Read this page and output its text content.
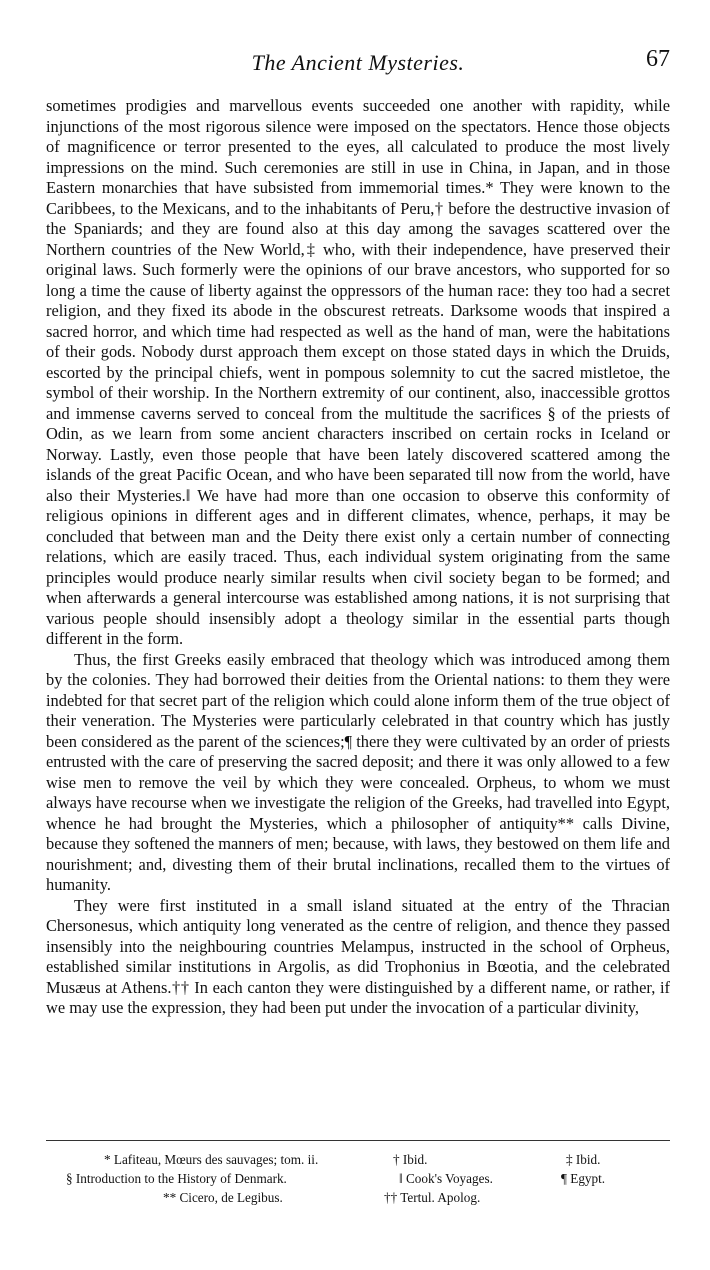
The Ancient Mysteries.	67

sometimes prodigies and marvellous events succeeded one another with rapidity, while injunctions of the most rigorous silence were imposed on the spectators. Hence those objects of magnificence or terror presented to the eyes, all calculated to produce the most lively impressions on the mind. Such ceremonies are still in use in China, in Japan, and in those Eastern monarchies that have subsisted from immemorial times.* They were known to the Caribbees, to the Mexicans, and to the inhabitants of Peru,† before the destructive invasion of the Spaniards; and they are found also at this day among the savages scattered over the Northern countries of the New World,‡ who, with their independence, have preserved their original laws. Such formerly were the opinions of our brave ancestors, who supported for so long a time the cause of liberty against the oppressors of the human race: they too had a secret religion, and they fixed its abode in the obscurest retreats. Darksome woods that inspired a sacred horror, and which time had respected as well as the hand of man, were the habitations of their gods. Nobody durst approach them except on those stated days in which the Druids, escorted by the principal chiefs, went in pompous solemnity to cut the sacred mistletoe, the symbol of their worship. In the Northern extremity of our continent, also, inaccessible grottos and immense caverns served to conceal from the multitude the sacrifices § of the priests of Odin, as we learn from some ancient characters inscribed on certain rocks in Iceland or Norway. Lastly, even those people that have been lately discovered scattered among the islands of the great Pacific Ocean, and who have been separated till now from the world, have also their Mysteries.‖ We have had more than one occasion to observe this conformity of religious opinions in different ages and in different climates, whence, perhaps, it may be concluded that between man and the Deity there exist only a certain number of connecting relations, which are easily traced. Thus, each individual system originating from the same principles would produce nearly similar results when civil society began to be formed; and when afterwards a general intercourse was established among nations, it is not surprising that various people should insensibly adopt a theology similar in the essential parts though different in the form.

Thus, the first Greeks easily embraced that theology which was introduced among them by the colonies. They had borrowed their deities from the Oriental nations: to them they were indebted for that secret part of the religion which could alone inform them of the true object of their veneration. The Mysteries were particularly celebrated in that country which has justly been considered as the parent of the sciences;¶ there they were cultivated by an order of priests entrusted with the care of preserving the sacred deposit; and there it was only allowed to a few wise men to remove the veil by which they were concealed. Orpheus, to whom we must always have recourse when we investigate the religion of the Greeks, had travelled into Egypt, whence he had brought the Mysteries, which a philosopher of antiquity** calls Divine, because they softened the manners of men; because, with laws, they bestowed on them life and nourishment; and, divesting them of their brutal inclinations, recalled them to the virtues of humanity.

They were first instituted in a small island situated at the entry of the Thracian Chersonesus, which antiquity long venerated as the centre of religion, and thence they passed insensibly into the neighbouring countries Melampus, instructed in the school of Orpheus, established similar institutions in Argolis, as did Trophonius in Bœotia, and the celebrated Musæus at Athens.†† In each canton they were distinguished by a different name, or rather, if we may use the expression, they had been put under the invocation of a particular divinity,

* Lafiteau, Mœurs des sauvages; tom. ii.	† Ibid.	‡ Ibid.
§ Introduction to the History of Denmark.	‖ Cook's Voyages.	¶ Egypt.
** Cicero, de Legibus.	†† Tertul. Apolog.
